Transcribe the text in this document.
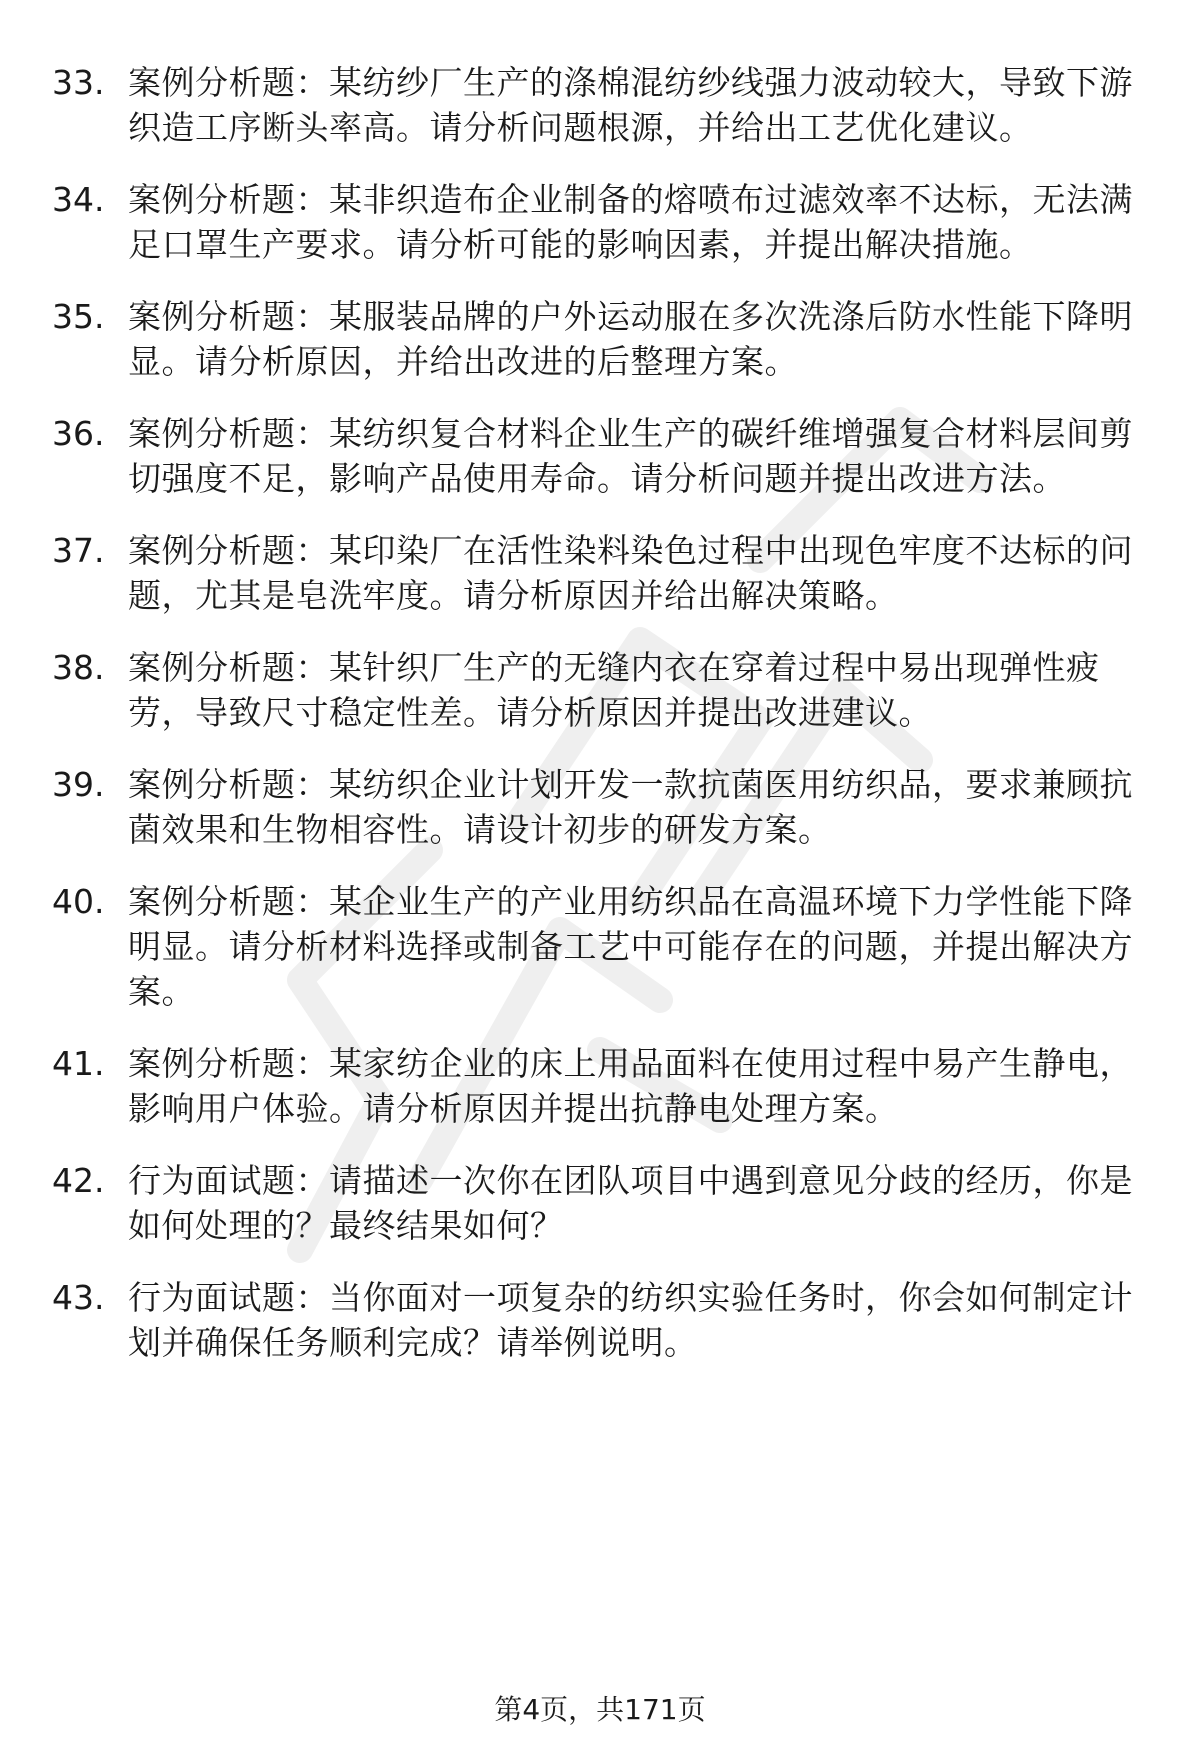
33. 案例分析题：某纺纱厂生产的涤棉混纺纱线强力波动较大，导致下游织造工序断头率高。请分析问题根源，并给出工艺优化建议。
34. 案例分析题：某非织造布企业制备的熔喷布过滤效率不达标，无法满足口罩生产要求。请分析可能的影响因素，并提出解决措施。
35. 案例分析题：某服装品牌的户外运动服在多次洗涤后防水性能下降明显。请分析原因，并给出改进的后整理方案。
36. 案例分析题：某纺织复合材料企业生产的碳纤维增强复合材料层间剪切强度不足，影响产品使用寿命。请分析问题并提出改进方法。
37. 案例分析题：某印染厂在活性染料染色过程中出现色牢度不达标的问题，尤其是皂洗牢度。请分析原因并给出解决策略。
38. 案例分析题：某针织厂生产的无缝内衣在穿着过程中易出现弹性疲劳，导致尺寸稳定性差。请分析原因并提出改进建议。
39. 案例分析题：某纺织企业计划开发一款抗菌医用纺织品，要求兼顾抗菌效果和生物相容性。请设计初步的研发方案。
40. 案例分析题：某企业生产的产业用纺织品在高温环境下力学性能下降明显。请分析材料选择或制备工艺中可能存在的问题，并提出解决方案。
41. 案例分析题：某家纺企业的床上用品面料在使用过程中易产生静电，影响用户体验。请分析原因并提出抗静电处理方案。
42. 行为面试题：请描述一次你在团队项目中遇到意见分歧的经历，你是如何处理的？最终结果如何？
43. 行为面试题：当你面对一项复杂的纺织实验任务时，你会如何制定计划并确保任务顺利完成？请举例说明。
第4页，共171页
